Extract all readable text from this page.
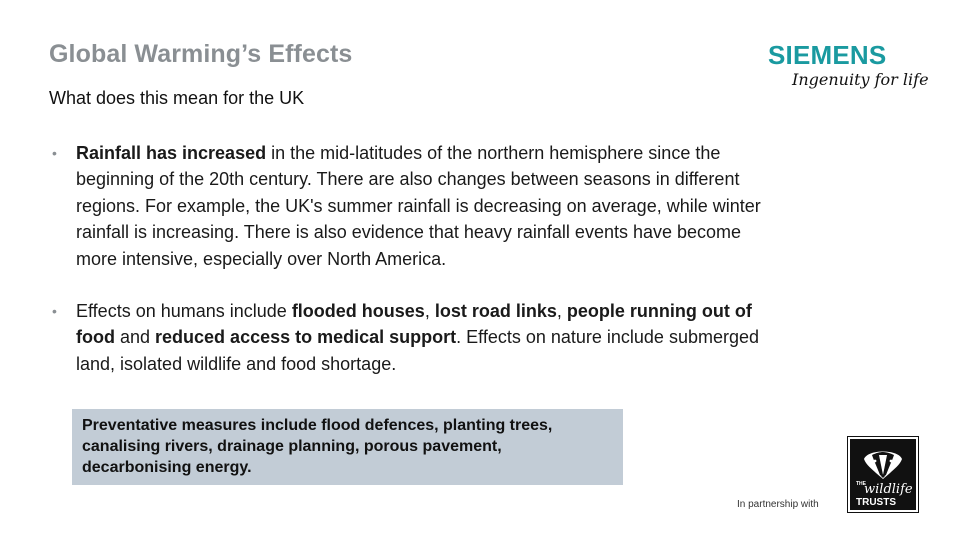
Global Warming’s Effects
What does this mean for the UK
SIEMENS
Ingenuity for life
•	Rainfall has increased in the mid-latitudes of the northern hemisphere since the beginning of the 20th century. There are also changes between seasons in different regions. For example, the UK's summer rainfall is decreasing on average, while winter rainfall is increasing. There is also evidence that heavy rainfall events have become more intensive, especially over North America.
•	Effects on humans include flooded houses, lost road links, people running out of food and reduced access to medical support. Effects on nature include submerged land, isolated wildlife and food shortage.
Preventative measures include flood defences, planting trees, canalising rivers, drainage planning, porous pavement, decarbonising energy.
In partnership with
THE
wildlife
TRUSTS
